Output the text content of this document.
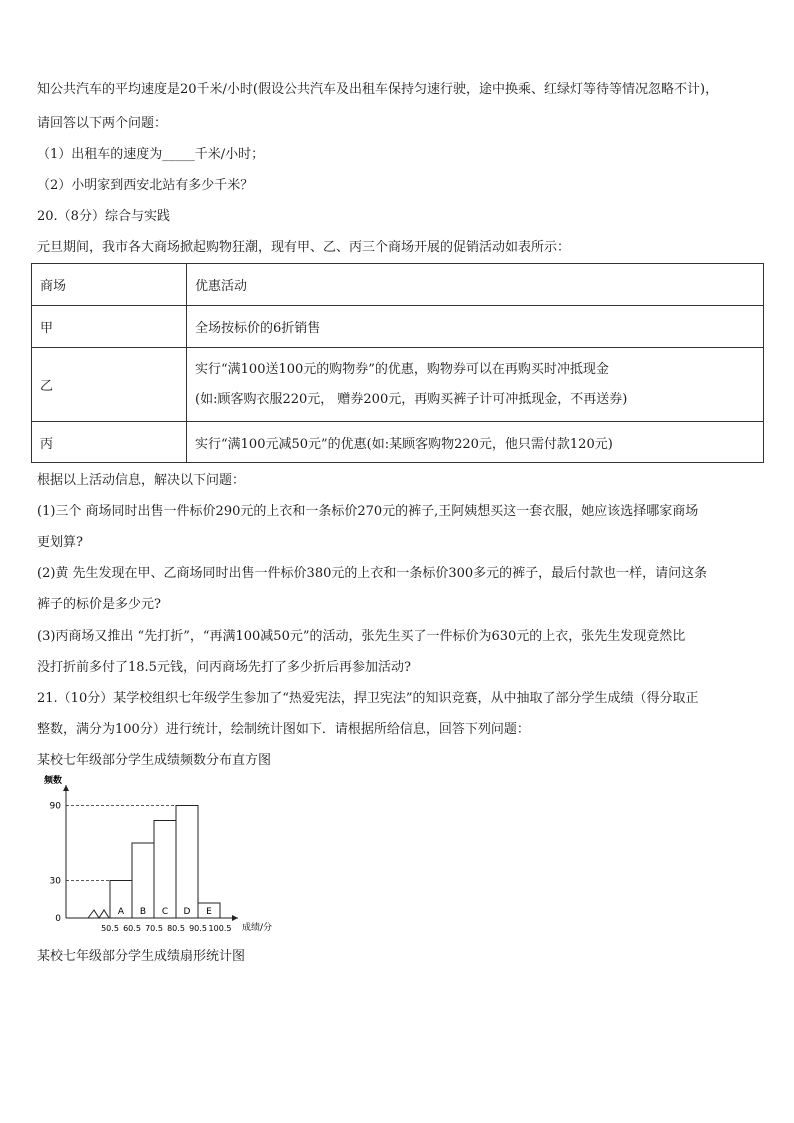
知公共汽车的平均速度是20千米/小时(假设公共汽车及出租车保持匀速行驶，途中换乘、红绿灯等待等情况忽略不计)，
请回答以下两个问题：
（1）出租车的速度为_____千米/小时；
（2）小明家到西安北站有多少千米？
20.（8分）综合与实践
元旦期间，我市各大商场掀起购物狂潮，现有甲、乙、丙三个商场开展的促销活动如表所示：
商场	优惠活动
甲	全场按标价的6折销售
乙	实行“满100送100元的购物券”的优惠，购物券可以在再购买时冲抵现金
(如:顾客购衣服220元， 赠券200元，再购买裤子计可冲抵现金，不再送券)

丙	实行“满100元减50元”的优惠(如:某顾客购物220元，他只需付款120元)
根据以上活动信息，解决以下问题：
(1)三个 商场同时出售一件标价290元的上衣和一条标价270元的裤子,王阿姨想买这一套衣服，她应该选择哪家商场
更划算?
(2)黄 先生发现在甲、乙商场同时出售一件标价380元的上衣和一条标价300多元的裤子，最后付款也一样，请问这条
裤子的标价是多少元?
(3)丙商场又推出 “先打折”，“再满100减50元”的活动，张先生买了一件标价为630元的上衣，张先生发现竟然比
没打折前多付了18.5元钱，问丙商场先打了多少折后再参加活动?
21.（10分）某学校组织七年级学生参加了“热爱宪法，捍卫宪法”的知识竞赛，从中抽取了部分学生成绩（得分取正
整数，满分为100分）进行统计，绘制统计图如下．请根据所给信息，回答下列问题：
某校七年级部分学生成绩频数分布直方图
频数
成绩/分
0
30
90
A B C D E
50.5 60.5 70.5 80.5 90.5 100.5
某校七年级部分学生成绩扇形统计图
